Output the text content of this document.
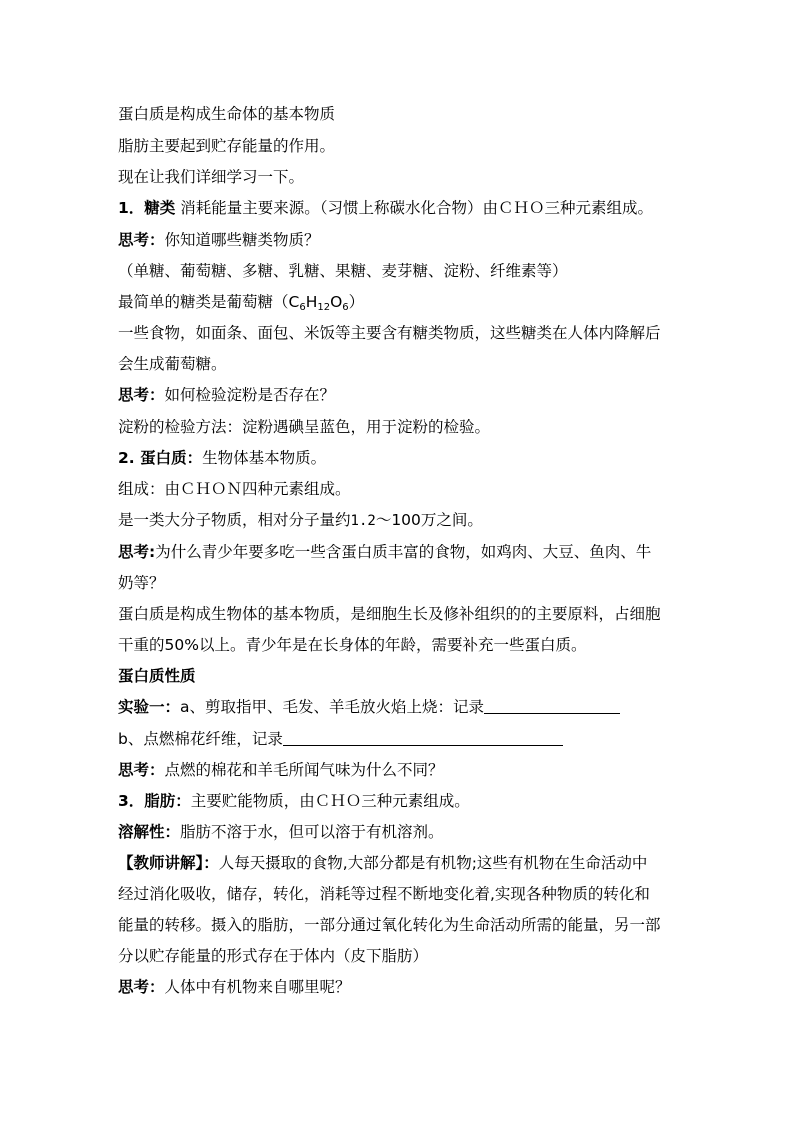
蛋白质是构成生命体的基本物质
脂肪主要起到贮存能量的作用。
现在让我们详细学习一下。
1．糖类 消耗能量主要来源。（习惯上称碳水化合物）由ＣＨＯ三种元素组成。
思考：你知道哪些糖类物质？
（单糖、葡萄糖、多糖、乳糖、果糖、麦芽糖、淀粉、纤维素等）
最简单的糖类是葡萄糖$(C_6H_{12}O_6)$
一些食物，如面条、面包、米饭等主要含有糖类物质，这些糖类在人体内降解后
会生成葡萄糖。
思考：如何检验淀粉是否存在？
淀粉的检验方法：淀粉遇碘呈蓝色，用于淀粉的检验。
2. 蛋白质：生物体基本物质。
组成：由ＣＨＯＮ四种元素组成。
是一类大分子物质，相对分子量约1.2～100万之间。
思考:为什么青少年要多吃一些含蛋白质丰富的食物，如鸡肉、大豆、鱼肉、牛
奶等？
蛋白质是构成生物体的基本物质，是细胞生长及修补组织的的主要原料，占细胞
干重的50%以上。青少年是在长身体的年龄，需要补充一些蛋白质。
蛋白质性质
实验一：a、剪取指甲、毛发、羊毛放火焰上烧：记录
b、点燃棉花纤维，记录
思考：点燃的棉花和羊毛所闻气味为什么不同？
3．脂肪：主要贮能物质，由ＣＨＯ三种元素组成。
溶解性：脂肪不溶于水，但可以溶于有机溶剂。
【教师讲解】：人每天摄取的食物,大部分都是有机物;这些有机物在生命活动中
经过消化吸收，储存，转化，消耗等过程不断地变化着,实现各种物质的转化和
能量的转移。摄入的脂肪，一部分通过氧化转化为生命活动所需的能量，另一部
分以贮存能量的形式存在于体内（皮下脂肪）
思考：人体中有机物来自哪里呢？
